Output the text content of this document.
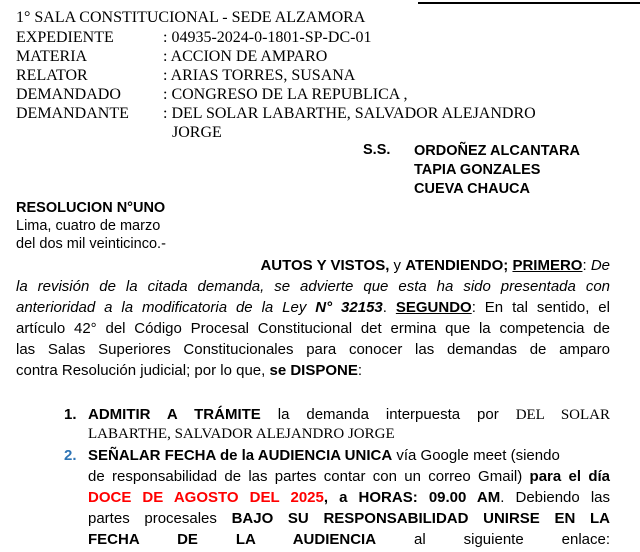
1° SALA CONSTITUCIONAL - SEDE ALZAMORA
EXPEDIENTE	: 04935-2024-0-1801-SP-DC-01
MATERIA	: ACCION DE AMPARO
RELATOR	: ARIAS TORRES, SUSANA
DEMANDADO	: CONGRESO DE LA REPUBLICA ,
DEMANDANTE : DEL SOLAR LABARTHE, SALVADOR ALEJANDRO
JORGE
S.S. ORDOÑEZ ALCANTARA
TAPIA GONZALES
CUEVA CHAUCA
RESOLUCION N°UNO
Lima, cuatro de marzo
del dos mil veinticinco.-
AUTOS Y VISTOS, y ATENDIENDO; PRIMERO: De
la revisión de la citada demanda, se advierte que esta ha sido presentada con
anterioridad a la modificatoria de la Ley N° 32153. SEGUNDO: En tal sentido, el
artículo 42° del Código Procesal Constitucional det ermina que la competencia de
las Salas Superiores Constitucionales para conocer las demandas de amparo
contra Resolución judicial; por lo que, se DISPONE:
1. ADMITIR A TRÁMITE la demanda interpuesta por DEL SOLAR
LABARTHE, SALVADOR ALEJANDRO JORGE
2. SEÑALAR FECHA de la AUDIENCIA UNICA vía Google meet (siendo
de responsabilidad de las partes contar con un correo Gmail) para el día
DOCE DE AGOSTO DEL 2025, a HORAS: 09.00 AM. Debiendo las
partes procesales BAJO SU RESPONSABILIDAD UNIRSE EN LA
FECHA DE LA AUDIENCIA al siguiente enlace:
